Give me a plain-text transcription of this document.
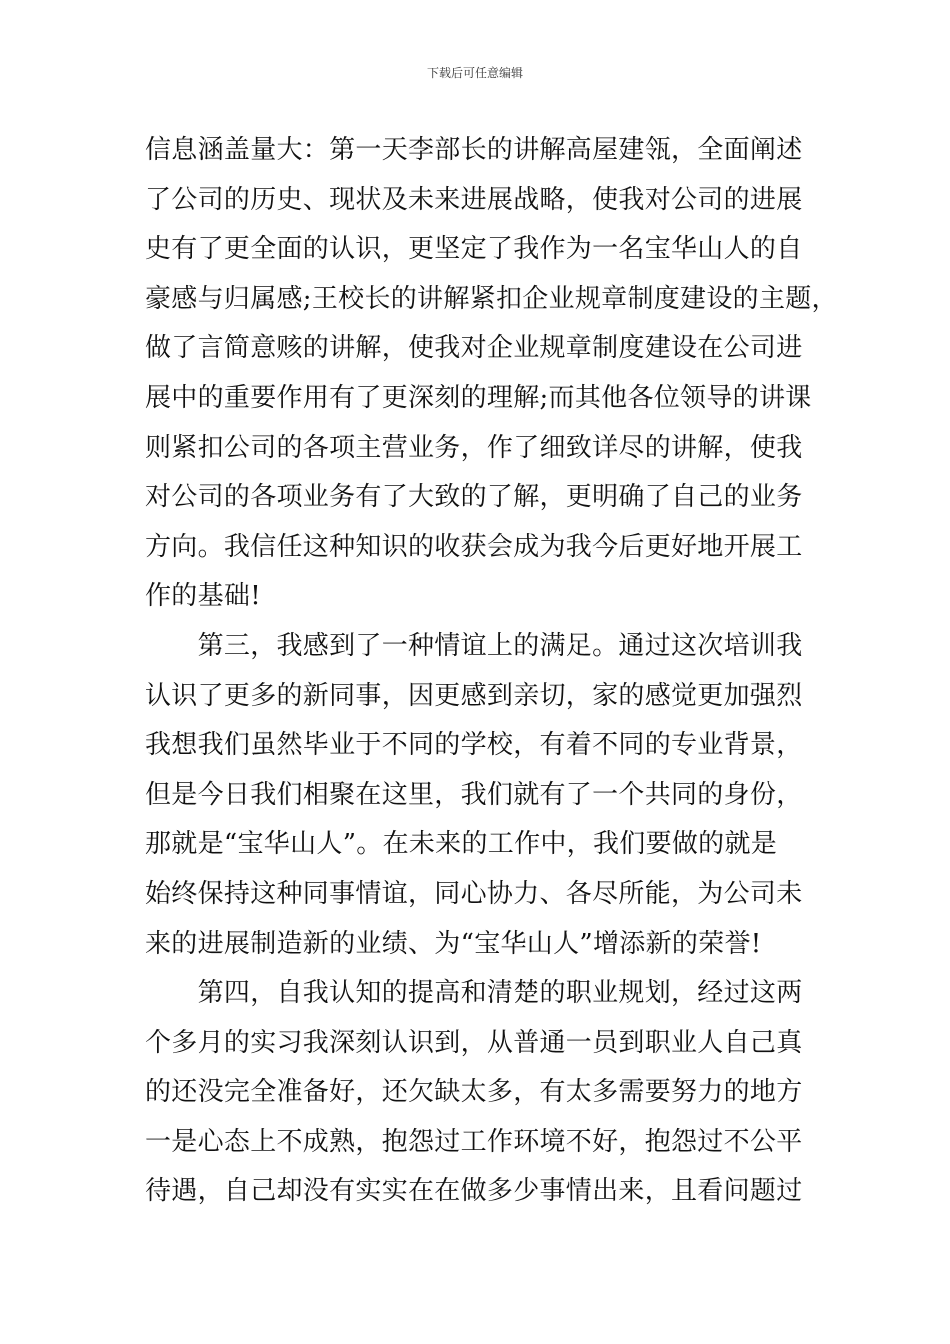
下载后可任意编辑
信息涵盖量大：第一天李部长的讲解高屋建瓴，全面阐述
了公司的历史、现状及未来进展战略，使我对公司的进展
史有了更全面的认识，更坚定了我作为一名宝华山人的自
豪感与归属感;王校长的讲解紧扣企业规章制度建设的主题，
做了言简意赅的讲解，使我对企业规章制度建设在公司进
展中的重要作用有了更深刻的理解;而其他各位领导的讲课
则紧扣公司的各项主营业务，作了细致详尽的讲解，使我
对公司的各项业务有了大致的了解，更明确了自己的业务
方向。我信任这种知识的收获会成为我今后更好地开展工
作的基础!
　　第三，我感到了一种情谊上的满足。通过这次培训我
认识了更多的新同事，因更感到亲切，家的感觉更加强烈
我想我们虽然毕业于不同的学校，有着不同的专业背景，
但是今日我们相聚在这里，我们就有了一个共同的身份，
那就是“宝华山人”。在未来的工作中，我们要做的就是
始终保持这种同事情谊，同心协力、各尽所能，为公司未
来的进展制造新的业绩、为“宝华山人”增添新的荣誉!
　　第四，自我认知的提高和清楚的职业规划，经过这两
个多月的实习我深刻认识到，从普通一员到职业人自己真
的还没完全准备好，还欠缺太多，有太多需要努力的地方
一是心态上不成熟，抱怨过工作环境不好，抱怨过不公平
待遇，自己却没有实实在在做多少事情出来，且看问题过
